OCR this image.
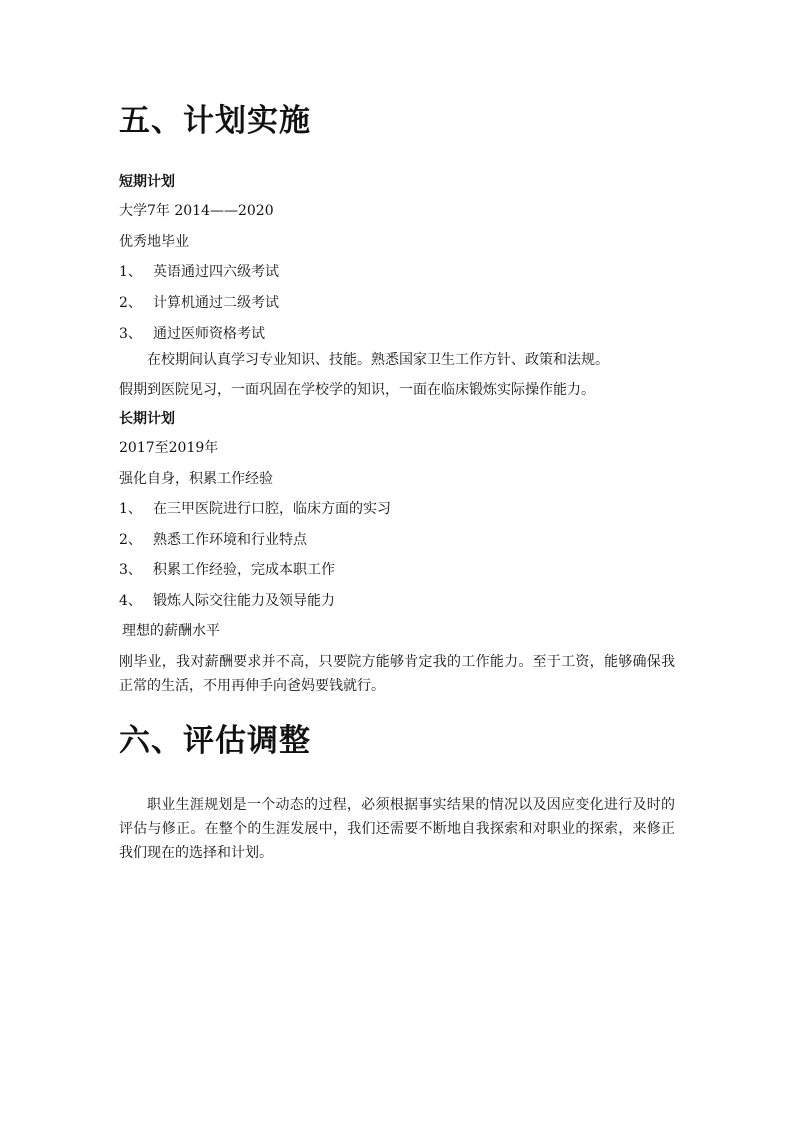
五、计划实施
短期计划
大学7年 2014——2020
优秀地毕业
1、 英语通过四六级考试
2、 计算机通过二级考试
3、 通过医师资格考试
在校期间认真学习专业知识、技能。熟悉国家卫生工作方针、政策和法规。
假期到医院见习，一面巩固在学校学的知识，一面在临床锻炼实际操作能力。
长期计划
2017至2019年
强化自身，积累工作经验
1、 在三甲医院进行口腔，临床方面的实习
2、 熟悉工作环境和行业特点
3、 积累工作经验，完成本职工作
4、 锻炼人际交往能力及领导能力
理想的薪酬水平
刚毕业，我对薪酬要求并不高，只要院方能够肯定我的工作能力。至于工资，能够确保我正常的生活，不用再伸手向爸妈要钱就行。
六、评估调整
职业生涯规划是一个动态的过程，必须根据事实结果的情况以及因应变化进行及时的评估与修正。在整个的生涯发展中，我们还需要不断地自我探索和对职业的探索，来修正我们现在的选择和计划。
